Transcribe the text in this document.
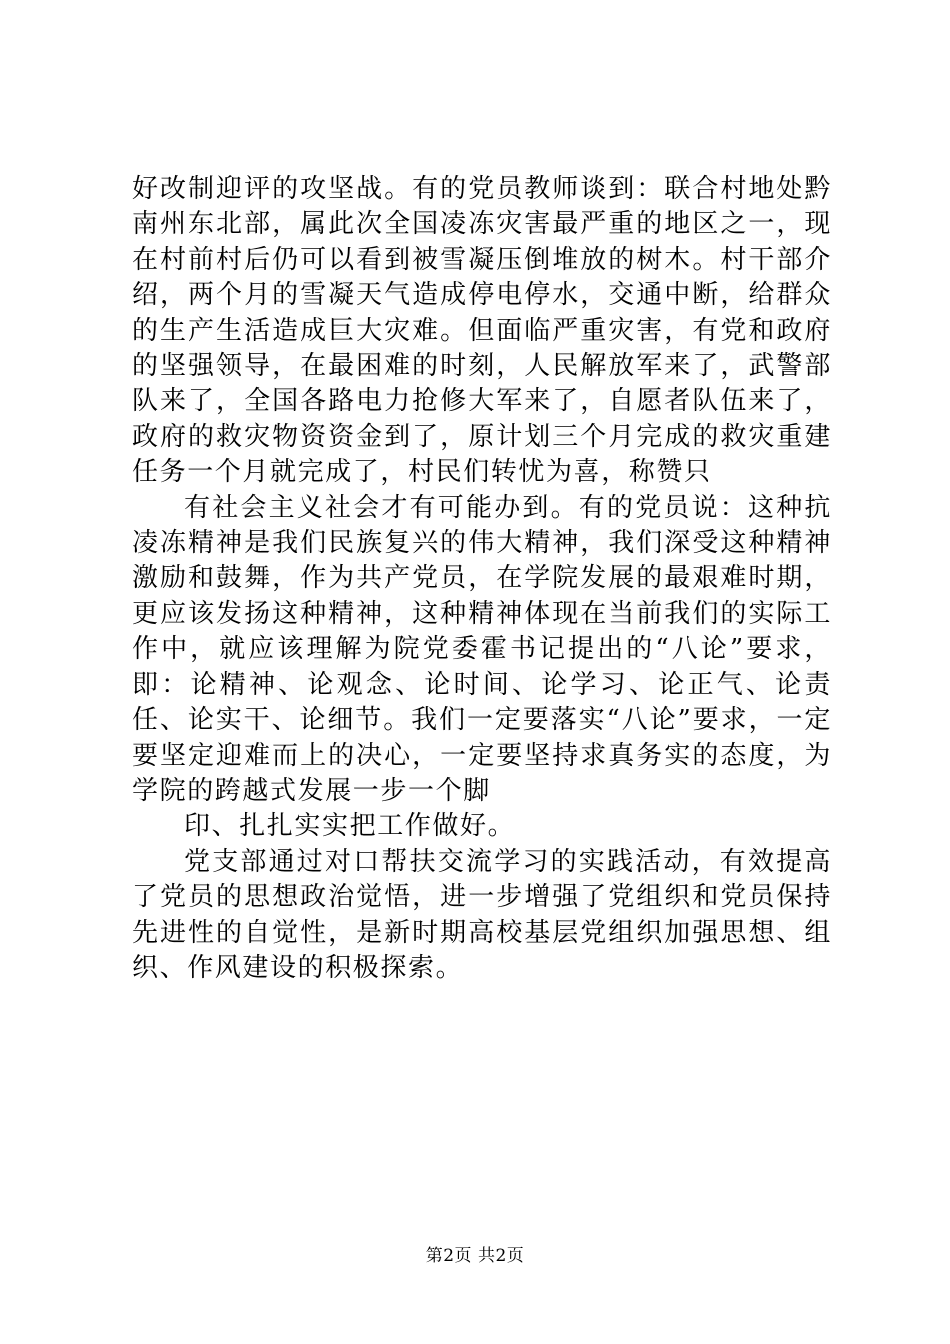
好改制迎评的攻坚战。有的党员教师谈到：联合村地处黔南州东北部，属此次全国凌冻灾害最严重的地区之一，现在村前村后仍可以看到被雪凝压倒堆放的树木。村干部介绍，两个月的雪凝天气造成停电停水，交通中断，给群众的生产生活造成巨大灾难。但面临严重灾害，有党和政府的坚强领导，在最困难的时刻，人民解放军来了，武警部队来了，全国各路电力抢修大军来了，自愿者队伍来了，政府的救灾物资资金到了，原计划三个月完成的救灾重建任务一个月就完成了，村民们转忧为喜，称赞只

有社会主义社会才有可能办到。有的党员说：这种抗凌冻精神是我们民族复兴的伟大精神，我们深受这种精神激励和鼓舞，作为共产党员，在学院发展的最艰难时期，更应该发扬这种精神，这种精神体现在当前我们的实际工作中，就应该理解为院党委霍书记提出的“八论”要求，即：论精神、论观念、论时间、论学习、论正气、论责任、论实干、论细节。我们一定要落实“八论”要求，一定要坚定迎难而上的决心，一定要坚持求真务实的态度，为学院的跨越式发展一步一个脚

印、扎扎实实把工作做好。

党支部通过对口帮扶交流学习的实践活动，有效提高了党员的思想政治觉悟，进一步增强了党组织和党员保持先进性的自觉性，是新时期高校基层党组织加强思想、组织、作风建设的积极探索。

第2页 共2页
